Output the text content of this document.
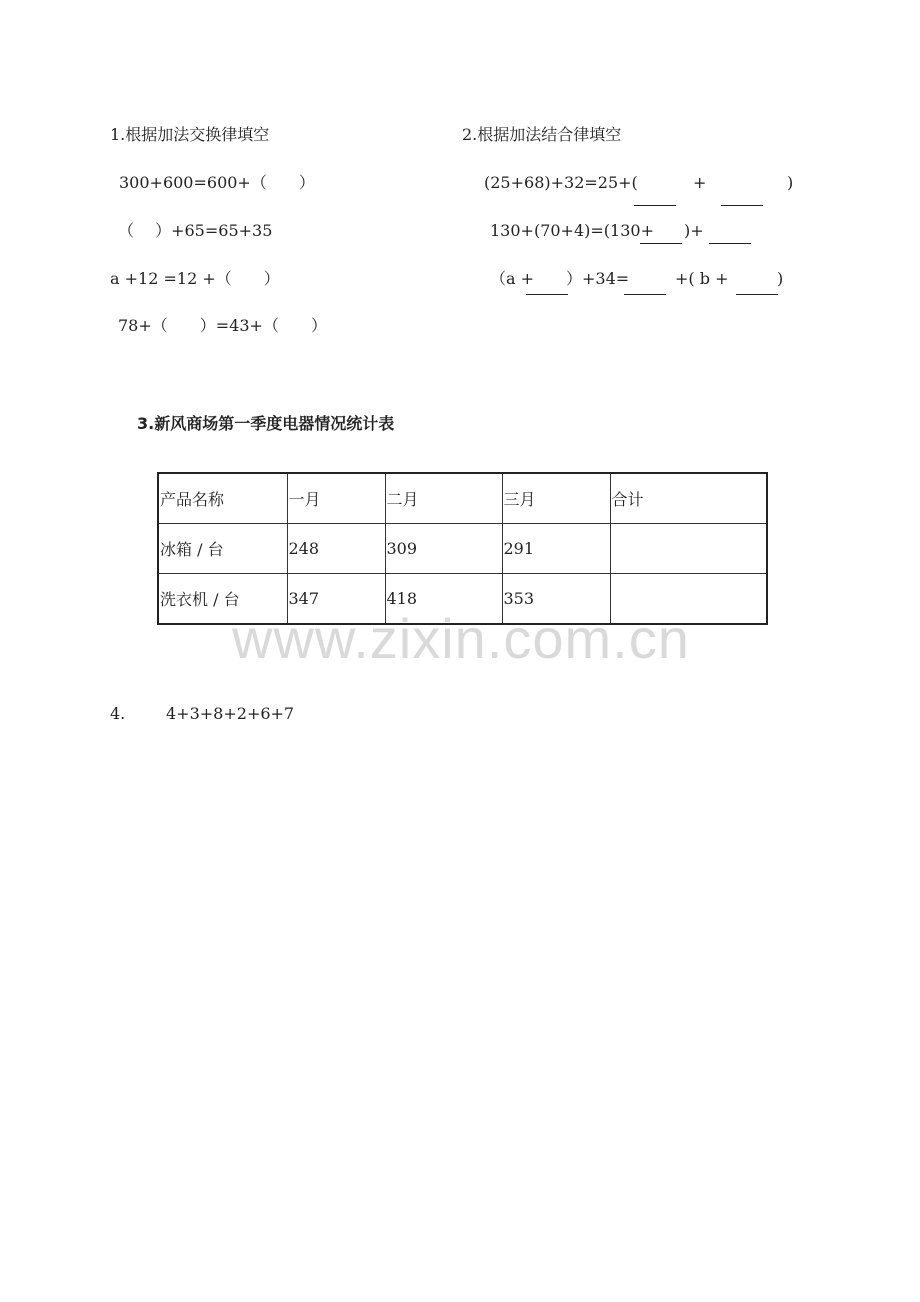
www.zixin.com.cn
1.根据加法交换律填空
300+600=600+（　　）
（　 ）+65=65+35
a +12 =12 +（　　）
78+（　　）=43+（　　）
2.根据加法结合律填空
(25+68)+32=25+(	+	)
130+(70+4)=(130+ )+
（a + ）+34=	+( b +	)
3.新风商场第一季度电器情况统计表
产品名称	一月	二月	三月	合计
冰箱 / 台	248	309	291	
洗衣机 / 台	347	418	353	
4.	4+3+8+2+6+7
